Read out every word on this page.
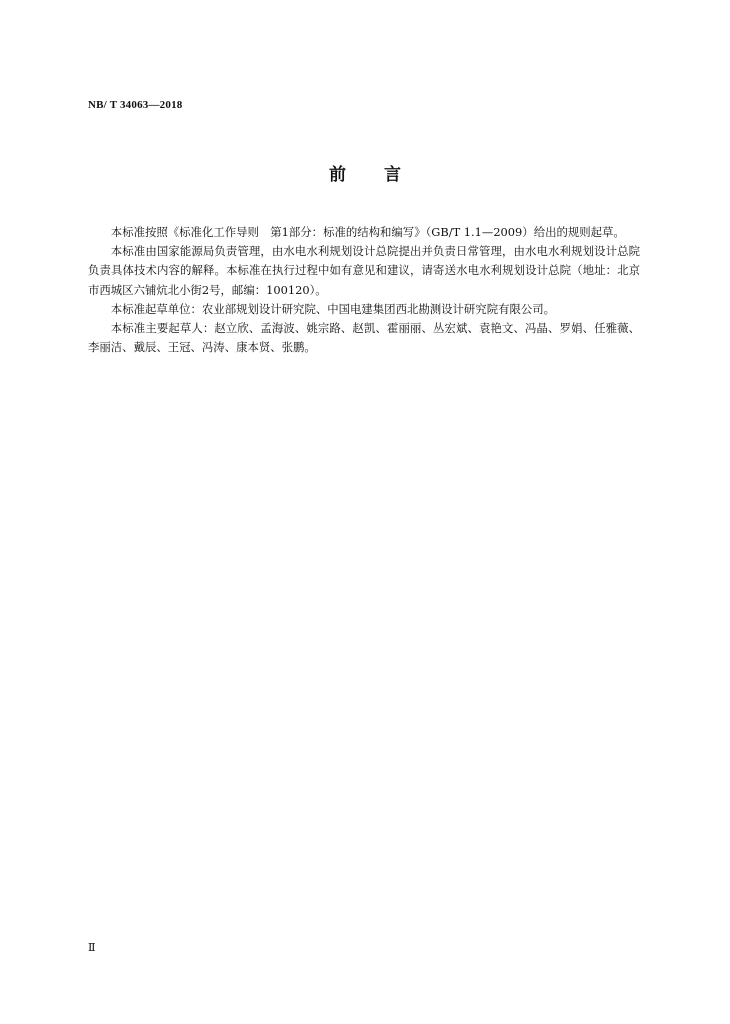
NB/ T 34063—2018
前 言

本标准按照《标准化工作导则　第1部分：标准的结构和编写》（GB/T 1.1—2009）给出的规则起草。

本标准由国家能源局负责管理，由水电水利规划设计总院提出并负责日常管理，由水电水利规划设计总院负责具体技术内容的解释。本标准在执行过程中如有意见和建议，请寄送水电水利规划设计总院（地址：北京市西城区六铺炕北小街2号，邮编：100120）。

本标准起草单位：农业部规划设计研究院、中国电建集团西北勘测设计研究院有限公司。

本标准主要起草人：赵立欣、孟海波、姚宗路、赵凯、霍丽丽、丛宏斌、袁艳文、冯晶、罗娟、任雅薇、李丽洁、戴辰、王冠、冯涛、康本贤、张鹏。

Ⅱ
